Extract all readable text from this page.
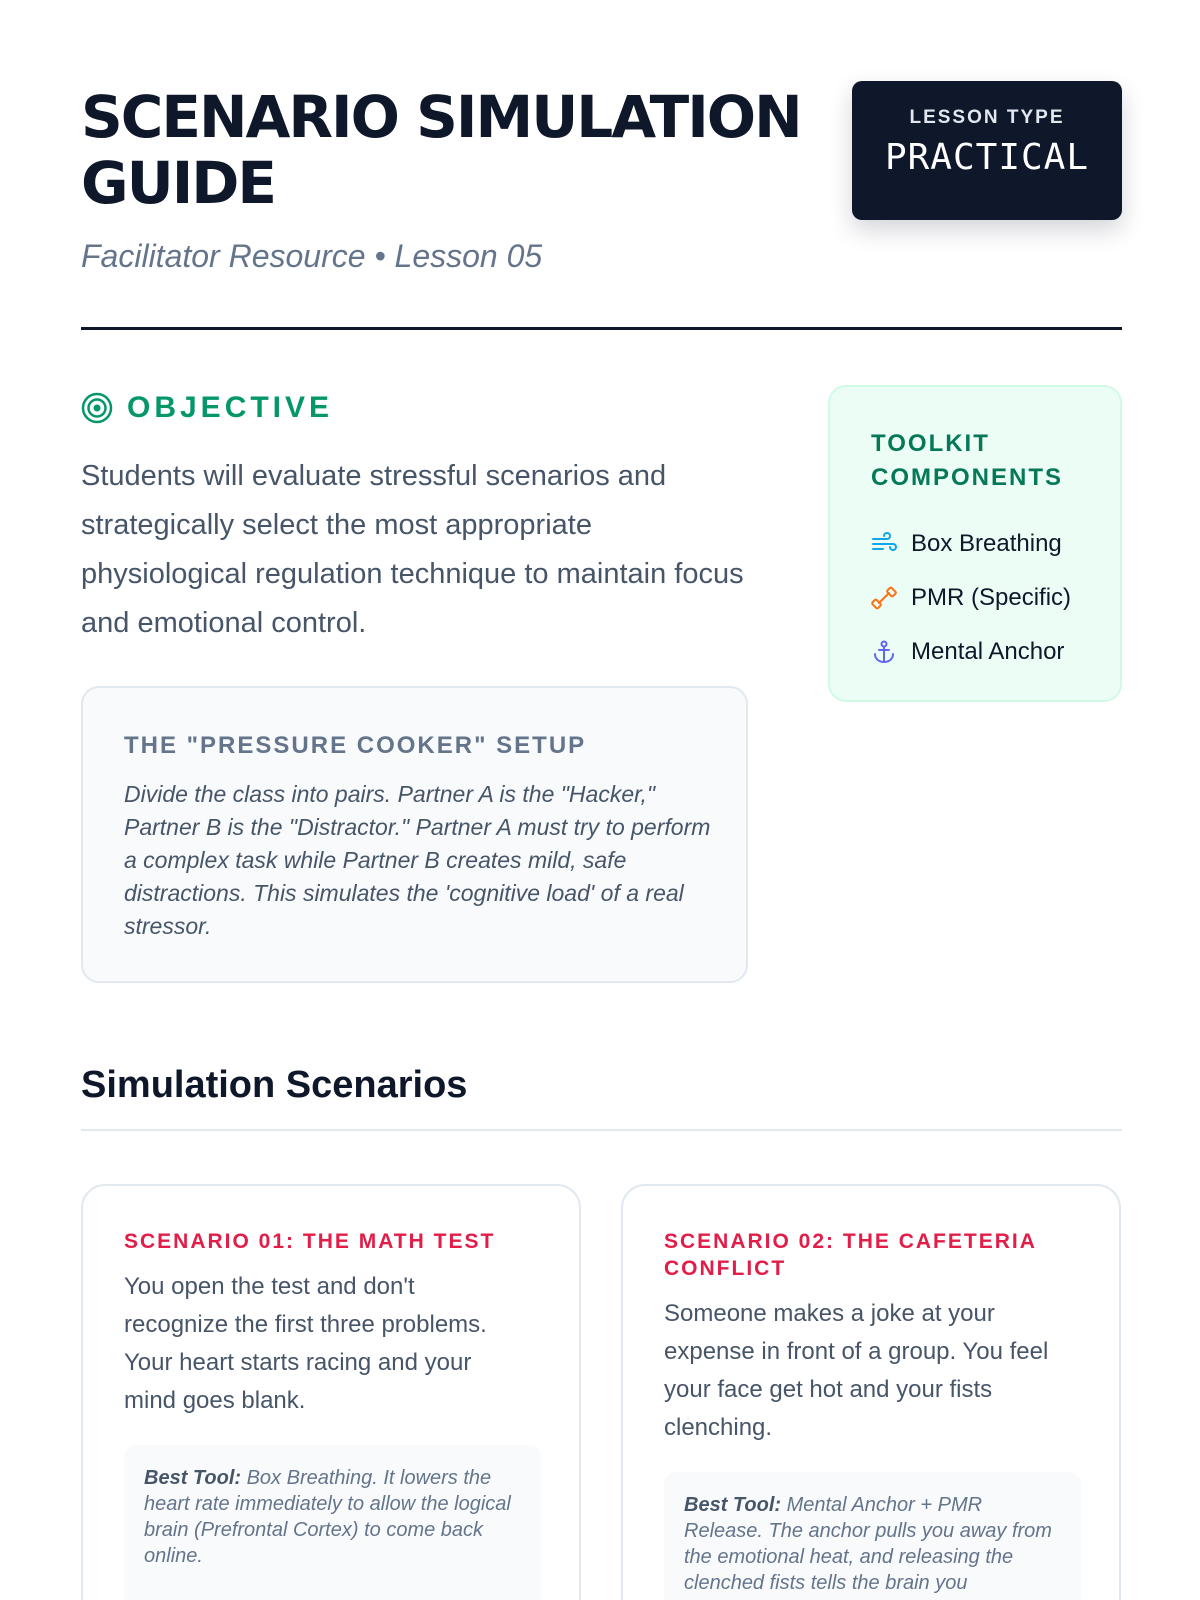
SCENARIO SIMULATION GUIDE
Facilitator Resource • Lesson 05
LESSON TYPE
PRACTICAL
OBJECTIVE

Students will evaluate stressful scenarios and strategically select the most appropriate physiological regulation technique to maintain focus and emotional control.

TOOLKIT COMPONENTS
Box Breathing
PMR (Specific)
Mental Anchor
THE "PRESSURE COOKER" SETUP

Divide the class into pairs. Partner A is the "Hacker," Partner B is the "Distractor." Partner A must try to perform a complex task while Partner B creates mild, safe distractions. This simulates the 'cognitive load' of a real stressor.

Simulation Scenarios
SCENARIO 01: THE MATH TEST

You open the test and don't recognize the first three problems. Your heart starts racing and your mind goes blank.

Best Tool: Box Breathing. It lowers the heart rate immediately to allow the logical brain (Prefrontal Cortex) to come back online.
SCENARIO 02: THE CAFETERIA CONFLICT

Someone makes a joke at your expense in front of a group. You feel your face get hot and your fists clenching.

Best Tool: Mental Anchor + PMR Release. The anchor pulls you away from the emotional heat, and releasing the clenched fists tells the brain you
